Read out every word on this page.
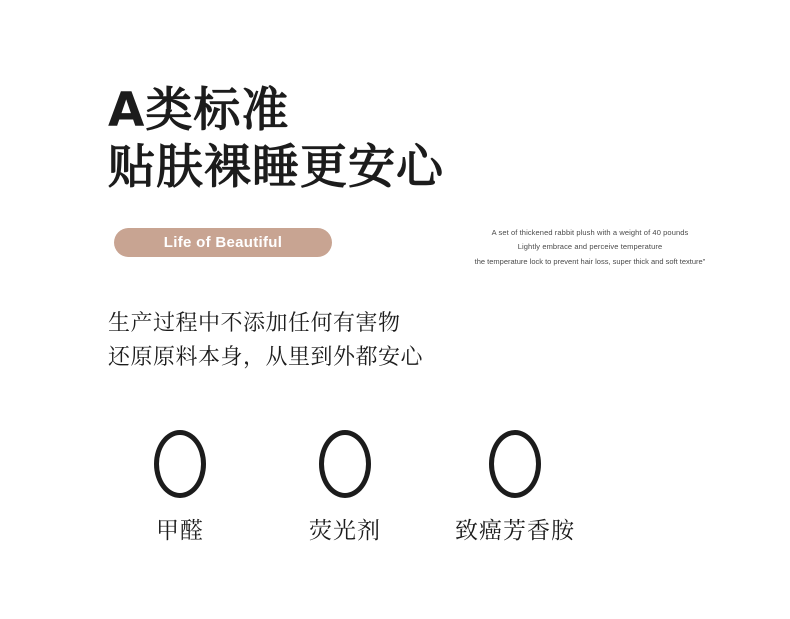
A类标准
贴肤裸睡更安心
Life of Beautiful
A set of thickened rabbit plush with a weight of 40 pounds
Lightly embrace and perceive temperature
the temperature lock to prevent hair loss, super thick and soft texture"
生产过程中不添加任何有害物
还原原料本身，从里到外都安心
甲醛	荧光剂	致癌芳香胺
